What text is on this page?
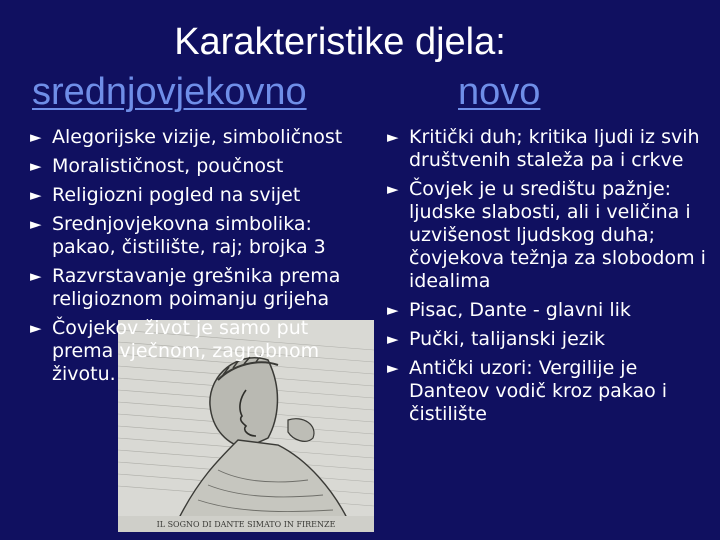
Karakteristike djela:
srednjovjekovno	novo
IL SOGNO DI DANTE SIMATO IN FIRENZE
► Alegorijske vizije, simboličnost
► Moralističnost, poučnost
► Religiozni pogled na svijet
► Srednjovjekovna simbolika: pakao, čistilište, raj; brojka 3
► Razvrstavanje grešnika prema religioznom poimanju grijeha
► Čovjekov život je samo put prema vječnom, zagrobnom životu.
► Kritički duh; kritika ljudi iz svih društvenih staleža pa i crkve
► Čovjek je u središtu pažnje: ljudske slabosti, ali i veličina i uzvišenost ljudskog duha; čovjekova težnja za slobodom i idealima
► Pisac, Dante - glavni lik
► Pučki, talijanski jezik
► Antički uzori: Vergilije je Danteov vodič kroz pakao i čistilište
